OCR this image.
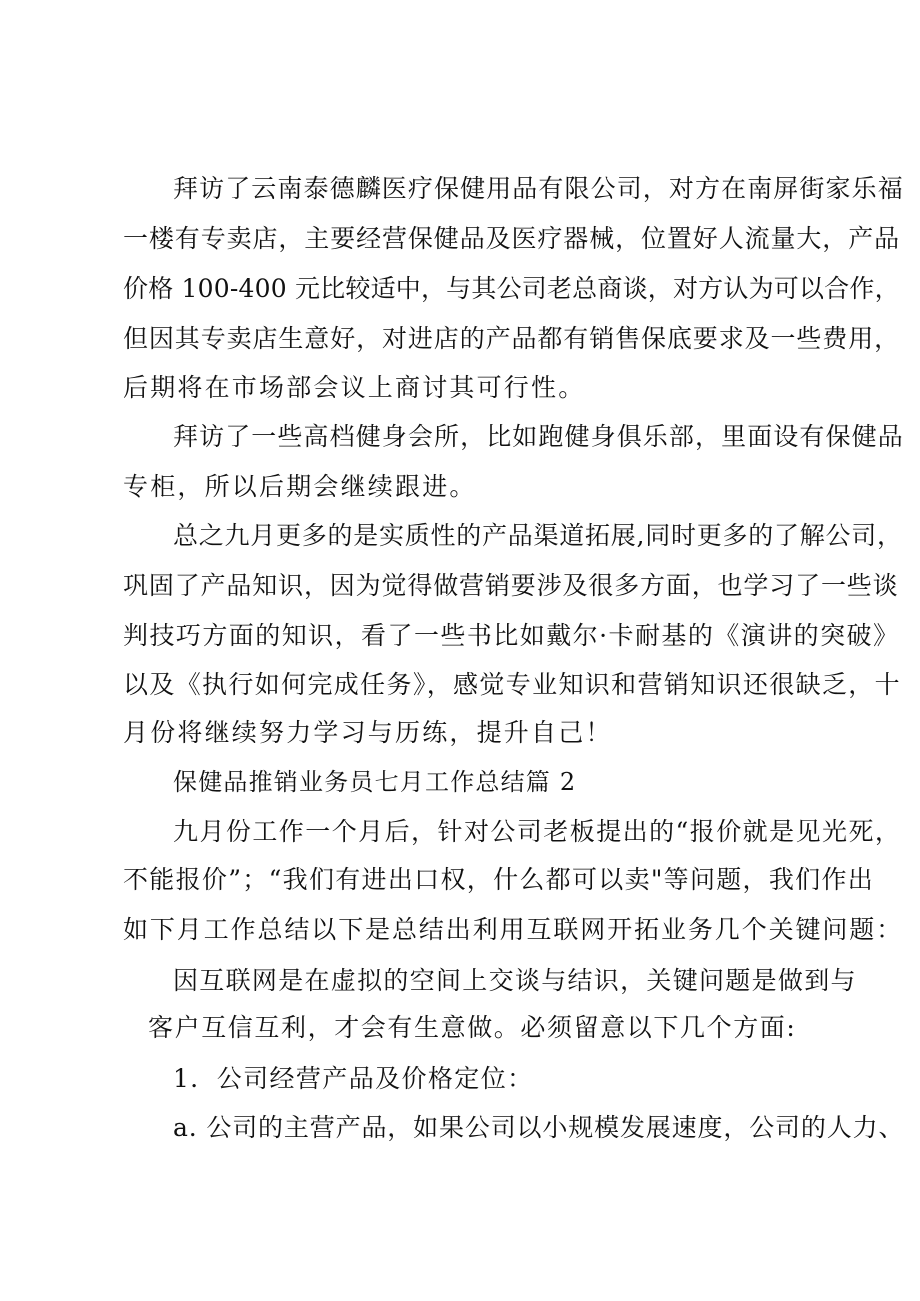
拜访了云南泰德麟医疗保健用品有限公司，对方在南屏街家乐福
一楼有专卖店，主要经营保健品及医疗器械，位置好人流量大，产品
价格 100-400 元比较适中，与其公司老总商谈，对方认为可以合作，
但因其专卖店生意好，对进店的产品都有销售保底要求及一些费用，
后期将在市场部会议上商讨其可行性。
拜访了一些高档健身会所，比如跑健身俱乐部，里面设有保健品
专柜，所以后期会继续跟进。
总之九月更多的是实质性的产品渠道拓展,同时更多的了解公司，
巩固了产品知识，因为觉得做营销要涉及很多方面，也学习了一些谈
判技巧方面的知识，看了一些书比如戴尔·卡耐基的《演讲的突破》
以及《执行如何完成任务》，感觉专业知识和营销知识还很缺乏，十
月份将继续努力学习与历练，提升自己！
保健品推销业务员七月工作总结篇 2
九月份工作一个月后，针对公司老板提出的“报价就是见光死，
不能报价”；“我们有进出口权，什么都可以卖"等问题，我们作出
如下月工作总结以下是总结出利用互联网开拓业务几个关键问题：
因互联网是在虚拟的空间上交谈与结识，关键问题是做到与
客户互信互利，才会有生意做。必须留意以下几个方面:
1．公司经营产品及价格定位：
a. 公司的主营产品，如果公司以小规模发展速度，公司的人力、
